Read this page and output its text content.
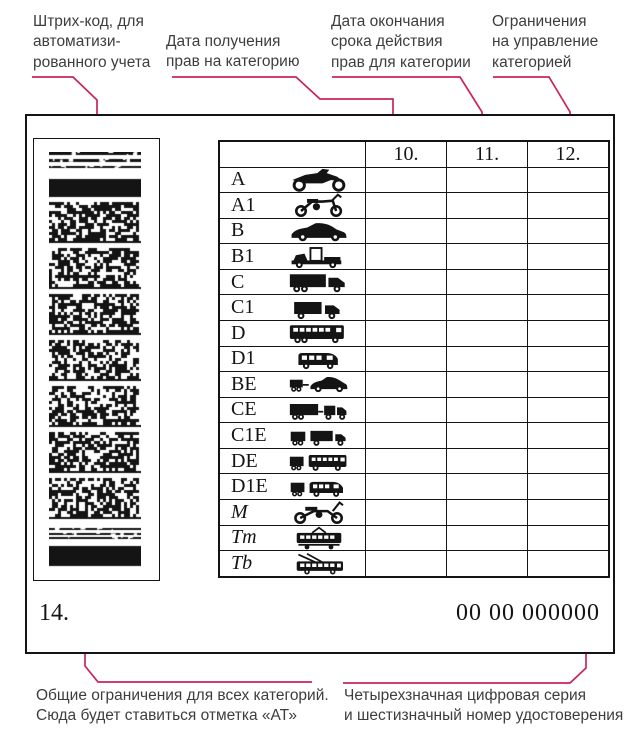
Штрих-код, для
автоматизи-
рованного учета
Дата получения
прав на категорию
Дата окончания
срока действия
прав для категории
Ограничения
на управление
категорией
Общие ограничения для всех категорий.
Сюда будет ставиться отметка «АТ»
Четырехзначная цифровая серия
и шестизначный номер удостоверения
	10.	11.	12.

A			

A1			

B			

B1			

C			

C1			

D			

D1			

BE			

CE			

C1E			

DE			

D1E			

M			

Tm			

Tb			

14.	00 00 000000
